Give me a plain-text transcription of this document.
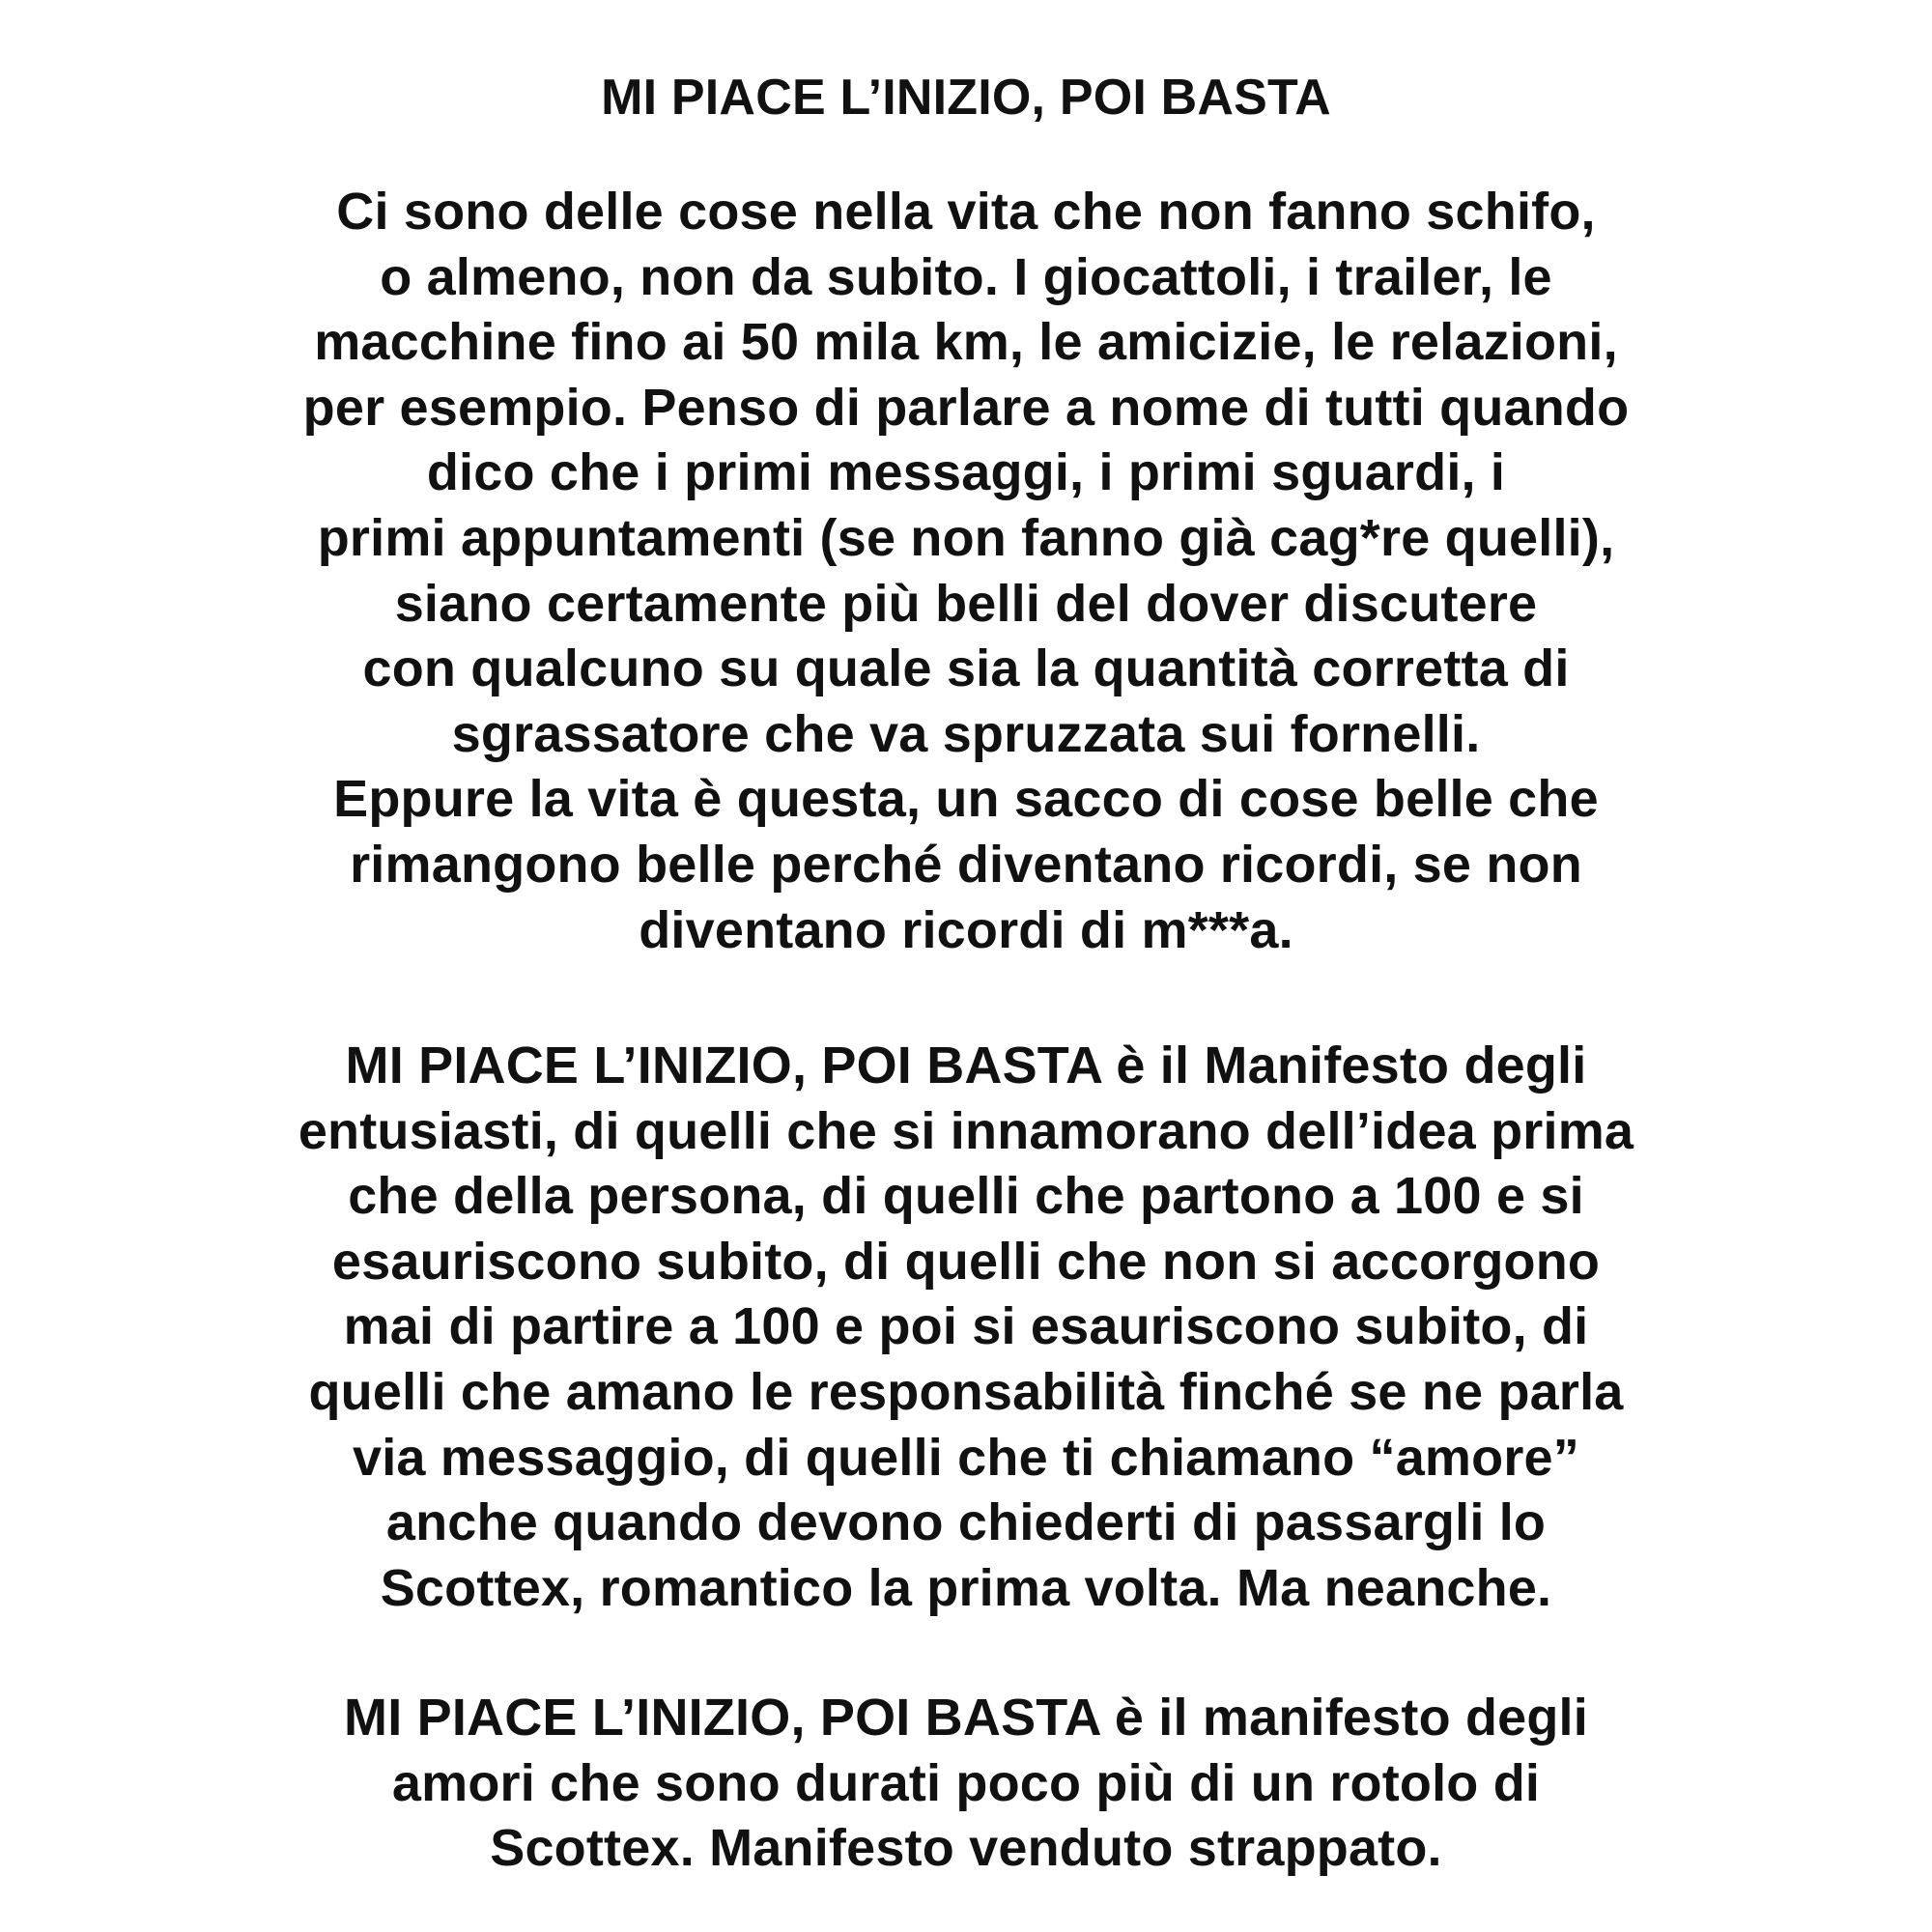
MI PIACE L’INIZIO, POI BASTA
Ci sono delle cose nella vita che non fanno schifo,
o almeno, non da subito. I giocattoli, i trailer, le
macchine fino ai 50 mila km, le amicizie, le relazioni,
per esempio. Penso di parlare a nome di tutti quando
dico che i primi messaggi, i primi sguardi, i
primi appuntamenti (se non fanno già cag*re quelli),
siano certamente più belli del dover discutere
con qualcuno su quale sia la quantità corretta di
sgrassatore che va spruzzata sui fornelli.
Eppure la vita è questa, un sacco di cose belle che
rimangono belle perché diventano ricordi, se non
diventano ricordi di m***a.
MI PIACE L’INIZIO, POI BASTA è il Manifesto degli
entusiasti, di quelli che si innamorano dell’idea prima
che della persona, di quelli che partono a 100 e si
esauriscono subito, di quelli che non si accorgono
mai di partire a 100 e poi si esauriscono subito, di
quelli che amano le responsabilità finché se ne parla
via messaggio, di quelli che ti chiamano “amore”
anche quando devono chiederti di passargli lo
Scottex, romantico la prima volta. Ma neanche.
MI PIACE L’INIZIO, POI BASTA è il manifesto degli
amori che sono durati poco più di un rotolo di
Scottex. Manifesto venduto strappato.
